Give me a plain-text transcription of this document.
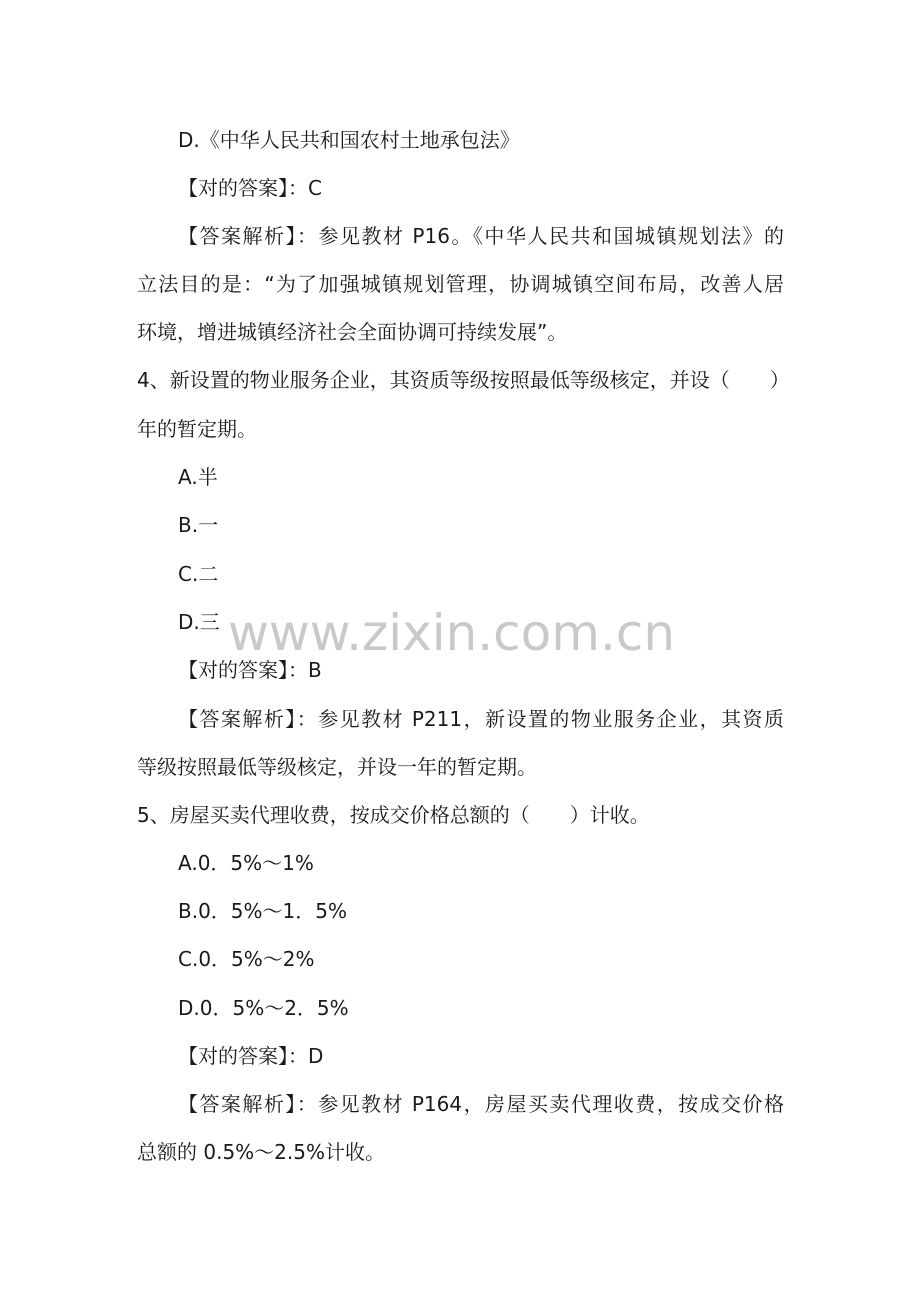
D.《中华人民共和国农村土地承包法》
【对的答案】：C
【答案解析】：参见教材 P16。《中华人民共和国城镇规划法》的
立法目的是：“为了加强城镇规划管理，协调城镇空间布局，改善人居
环境，增进城镇经济社会全面协调可持续发展”。
4、新设置的物业服务企业，其资质等级按照最低等级核定，并设（　　）
年的暂定期。
A.半
B.一
C.二
D.三
【对的答案】：B
【答案解析】：参见教材 P211，新设置的物业服务企业，其资质
等级按照最低等级核定，并设一年的暂定期。
5、房屋买卖代理收费，按成交价格总额的（　　）计收。
A.0．5%～1%
B.0．5%～1．5%
C.0．5%～2%
D.0．5%～2．5%
【对的答案】：D
【答案解析】：参见教材 P164，房屋买卖代理收费，按成交价格
总额的 0.5%～2.5%计收。
www.zixin.com.cn
